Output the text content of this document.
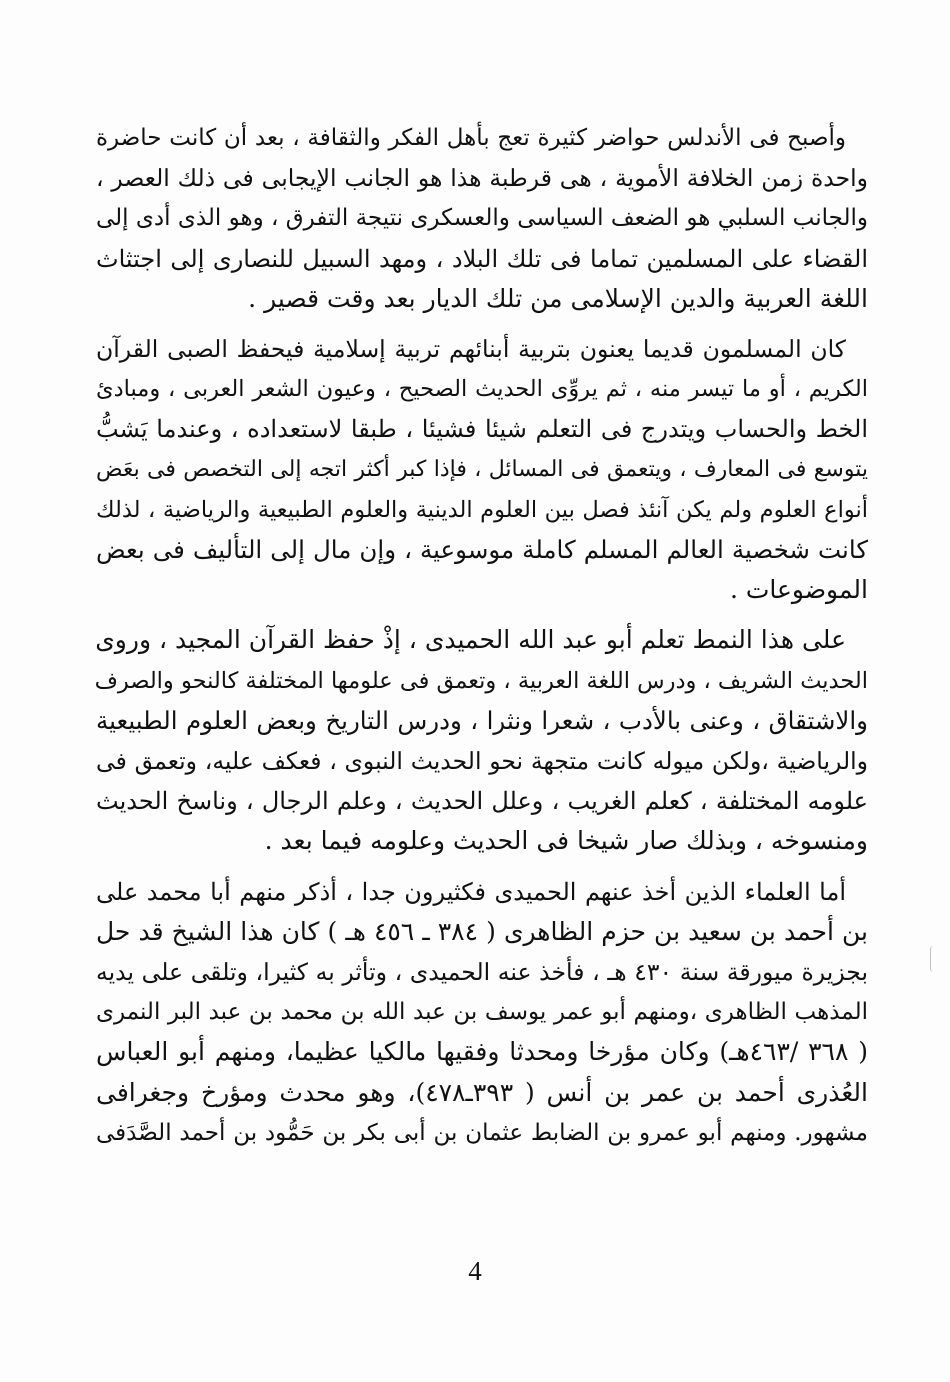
وأصبح فى الأندلس حواضر كثيرة تعج بأهل الفكر والثقافة ، بعد أن كانت حاضرة
واحدة زمن الخلافة الأموية ، هى قرطبة هذا هو الجانب الإيجابى فى ذلك العصر ،
والجانب السلبي هو الضعف السياسى والعسكرى نتيجة التفرق ، وهو الذى أدى إلى
القضاء على المسلمين تماما فى تلك البلاد ، ومهد السبيل للنصارى إلى اجتثاث
اللغة العربية والدين الإسلامى من تلك الديار بعد وقت قصير .

كان المسلمون قديما يعنون بتربية أبنائهم تربية إسلامية فيحفظ الصبى القرآن
الكريم ، أو ما تيسر منه ، ثم يروِّى الحديث الصحيح ، وعيون الشعر العربى ، ومبادئ
الخط والحساب ويتدرج فى التعلم شيئا فشيئا ، طبقا لاستعداده ، وعندما يَشبُّ
يتوسع فى المعارف ، ويتعمق فى المسائل ، فإذا كبر أكثر اتجه إلى التخصص فى بعَض
أنواع العلوم ولم يكن آنئذ فصل بين العلوم الدينية والعلوم الطبيعية والرياضية ، لذلك
كانت شخصية العالم المسلم كاملة موسوعية ، وإن مال إلى التأليف فى بعض
الموضوعات .

على هذا النمط تعلم أبو عبد الله الحميدى ، إذْ حفظ القرآن المجيد ، وروى
الحديث الشريف ، ودرس اللغة العربية ، وتعمق فى علومها المختلفة كالنحو والصرف
والاشتقاق ، وعنى بالأدب ، شعرا ونثرا ، ودرس التاريخ وبعض العلوم الطبيعية
والرياضية ،ولكن ميوله كانت متجهة نحو الحديث النبوى ، فعكف عليه، وتعمق فى
علومه المختلفة ، كعلم الغريب ، وعلل الحديث ، وعلم الرجال ، وناسخ الحديث
ومنسوخه ، وبذلك صار شيخا فى الحديث وعلومه فيما بعد .

أما العلماء الذين أخذ عنهم الحميدى فكثيرون جدا ، أذكر منهم أبا محمد على
بن أحمد بن سعيد بن حزم الظاهرى ( ٣٨٤ ـ ٤٥٦ هـ ) كان هذا الشيخ قد حل
بجزيرة ميورقة سنة ٤٣٠ هـ ، فأخذ عنه الحميدى ، وتأثر به كثيرا، وتلقى على يديه
المذهب الظاهرى ،ومنهم أبو عمر يوسف بن عبد الله بن محمد بن عبد البر النمرى
( ٣٦٨ /٤٦٣هـ) وكان مؤرخا ومحدثا وفقيها مالكيا عظيما، ومنهم أبو العباس
العُذرى أحمد بن عمر بن أنس ( ٣٩٣ـ٤٧٨)، وهو محدث ومؤرخ وجغرافى
مشهور. ومنهم أبو عمرو بن الضابط عثمان بن أبى بكر بن حَمُّود بن أحمد الصَّدَفى

4
